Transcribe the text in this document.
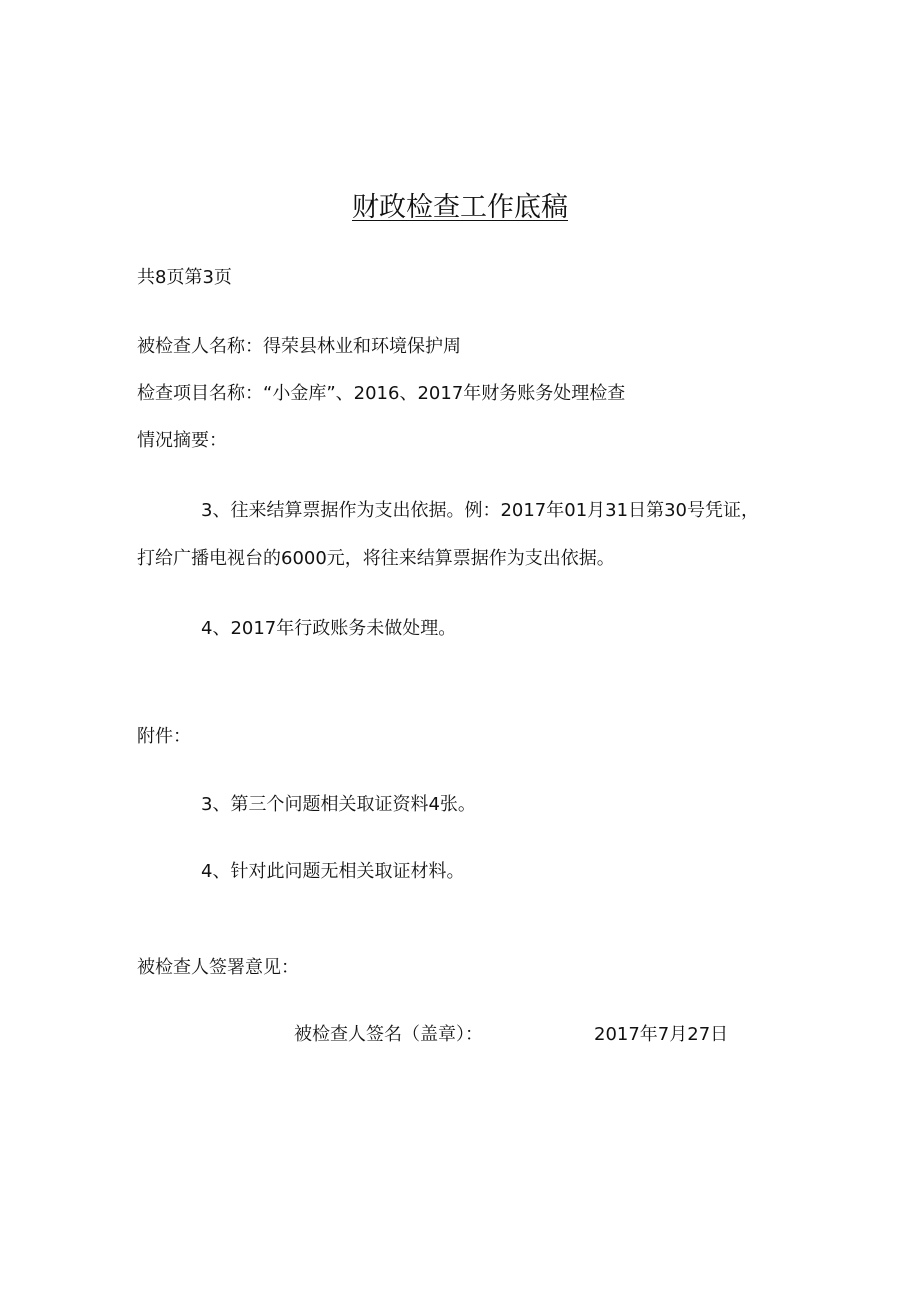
财政检查工作底稿
共8页第3页
被检查人名称：得荣县林业和环境保护周
检查项目名称：“小金库”、2016、2017年财务账务处理检查
情况摘要：
3、往来结算票据作为支出依据。例：2017年01月31日第30号凭证，
打给广播电视台的6000元，将往来结算票据作为支出依据。
4、2017年行政账务未做处理。
附件：
3、第三个问题相关取证资料4张。
4、针对此问题无相关取证材料。
被检查人签署意见：
被检查人签名（盖章）：	2017年7月27日
